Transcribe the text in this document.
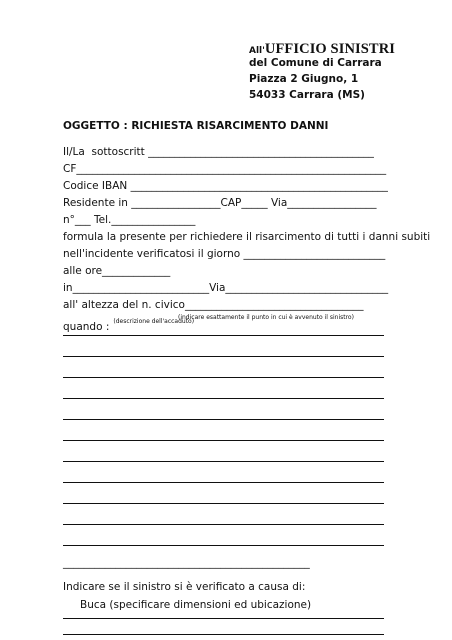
All'UFFICIO SINISTRI
del Comune di Carrara
Piazza 2 Giugno, 1
54033 Carrara (MS)
OGGETTO : RICHIESTA RISARCIMENTO DANNI
Il/La  sottoscritt ___________________________________________
CF___________________________________________________________
Codice IBAN _________________________________________________
Residente in _________________CAP_____ Via_________________
n°___ Tel.________________
formula la presente per richiedere il risarcimento di tutti i danni subiti
nell'incidente verificatosi il giorno ___________________________
alle ore_____________
in__________________________Via_______________________________
all' altezza del n. civico__________________________________
(indicare esattamente il punto in cui è avvenuto il sinistro)
quando : $^{(descrizione dell'accaduto)}$
_______________________________________________
Indicare se il sinistro si è verificato a causa di:
Buca (specificare dimensioni ed ubicazione)
